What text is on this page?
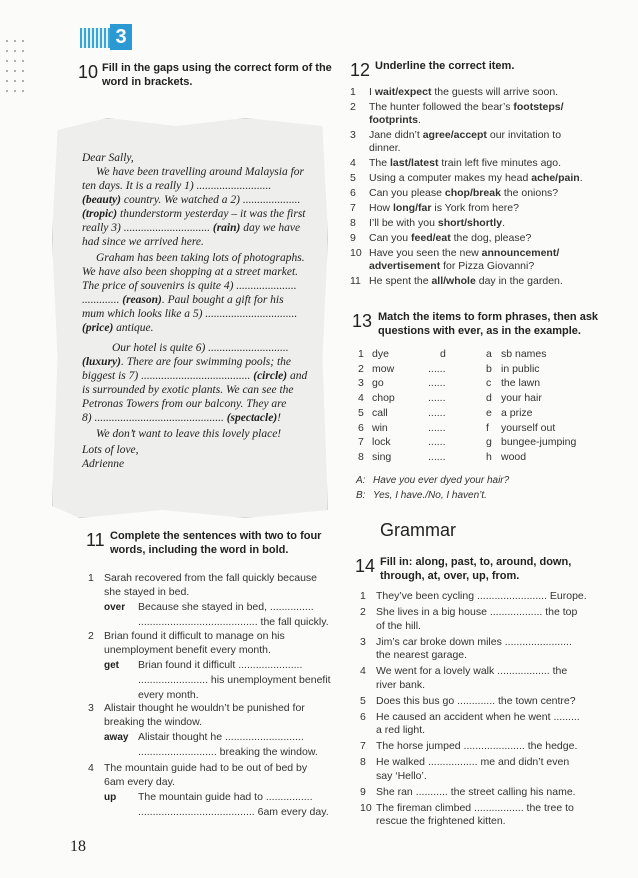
3
10 Fill in the gaps using the correct form of the
word in brackets.
Dear Sally,
We have been travelling around Malaysia for
ten days. It is a really 1) ..........................
(beauty) country. We watched a 2) ....................
(tropic) thunderstorm yesterday – it was the first
really 3) .............................. (rain) day we have
had since we arrived here.
Graham has been taking lots of photographs.
We have also been shopping at a street market.
The price of souvenirs is quite 4) .....................
............. (reason). Paul bought a gift for his
mum which looks like a 5) ................................
(price) antique.
Our hotel is quite 6) ............................
(luxury). There are four swimming pools; the
biggest is 7) ...................................... (circle) and
is surrounded by exotic plants. We can see the
Petronas Towers from our balcony. They are
8) ............................................. (spectacle)!
We don’t want to leave this lovely place!
Lots of love,
Adrienne
11 Complete the sentences with two to four
words, including the word in bold.
1 Sarah recovered from the fall quickly because
she stayed in bed.
over Because she stayed in bed, ...............
......................................... the fall quickly.
2 Brian found it difficult to manage on his
unemployment benefit every month.
get Brian found it difficult ......................
........................ his unemployment benefit
every month.
3 Alistair thought he wouldn’t be punished for
breaking the window.
away Alistair thought he ...........................
........................... breaking the window.
4 The mountain guide had to be out of bed by
6am every day.
up The mountain guide had to ................
........................................ 6am every day.
12 Underline the correct item.
1 I wait/expect the guests will arrive soon.
2 The hunter followed the bear’s footsteps/
footprints.
3 Jane didn’t agree/accept our invitation to
dinner.
4 The last/latest train left five minutes ago.
5 Using a computer makes my head ache/pain.
6 Can you please chop/break the onions?
7 How long/far is York from here?
8 I’ll be with you short/shortly.
9 Can you feed/eat the dog, please?
10 Have you seen the new announcement/
advertisement for Pizza Giovanni?
11 He spent the all/whole day in the garden.
13 Match the items to form phrases, then ask
questions with ever, as in the example.
1 dye	d	a sb names
2 mow	......	b in public
3 go	......	c the lawn
4 chop	......	d your hair
5 call	......	e a prize
6 win	......	f yourself out
7 lock	......	g bungee-jumping
8 sing	......	h wood
A: Have you ever dyed your hair?
B: Yes, I have./No, I haven’t.
Grammar
14 Fill in: along, past, to, around, down,
through, at, over, up, from.
1 They’ve been cycling ........................ Europe.
2 She lives in a big house .................. the top
of the hill.
3 Jim’s car broke down miles .......................
the nearest garage.
4 We went for a lovely walk .................. the
river bank.
5 Does this bus go ............. the town centre?
6 He caused an accident when he went .........
a red light.
7 The horse jumped ..................... the hedge.
8 He walked ................. me and didn’t even
say ‘Hello’.
9 She ran ........... the street calling his name.
10 The fireman climbed ................. the tree to
rescue the frightened kitten.
18
